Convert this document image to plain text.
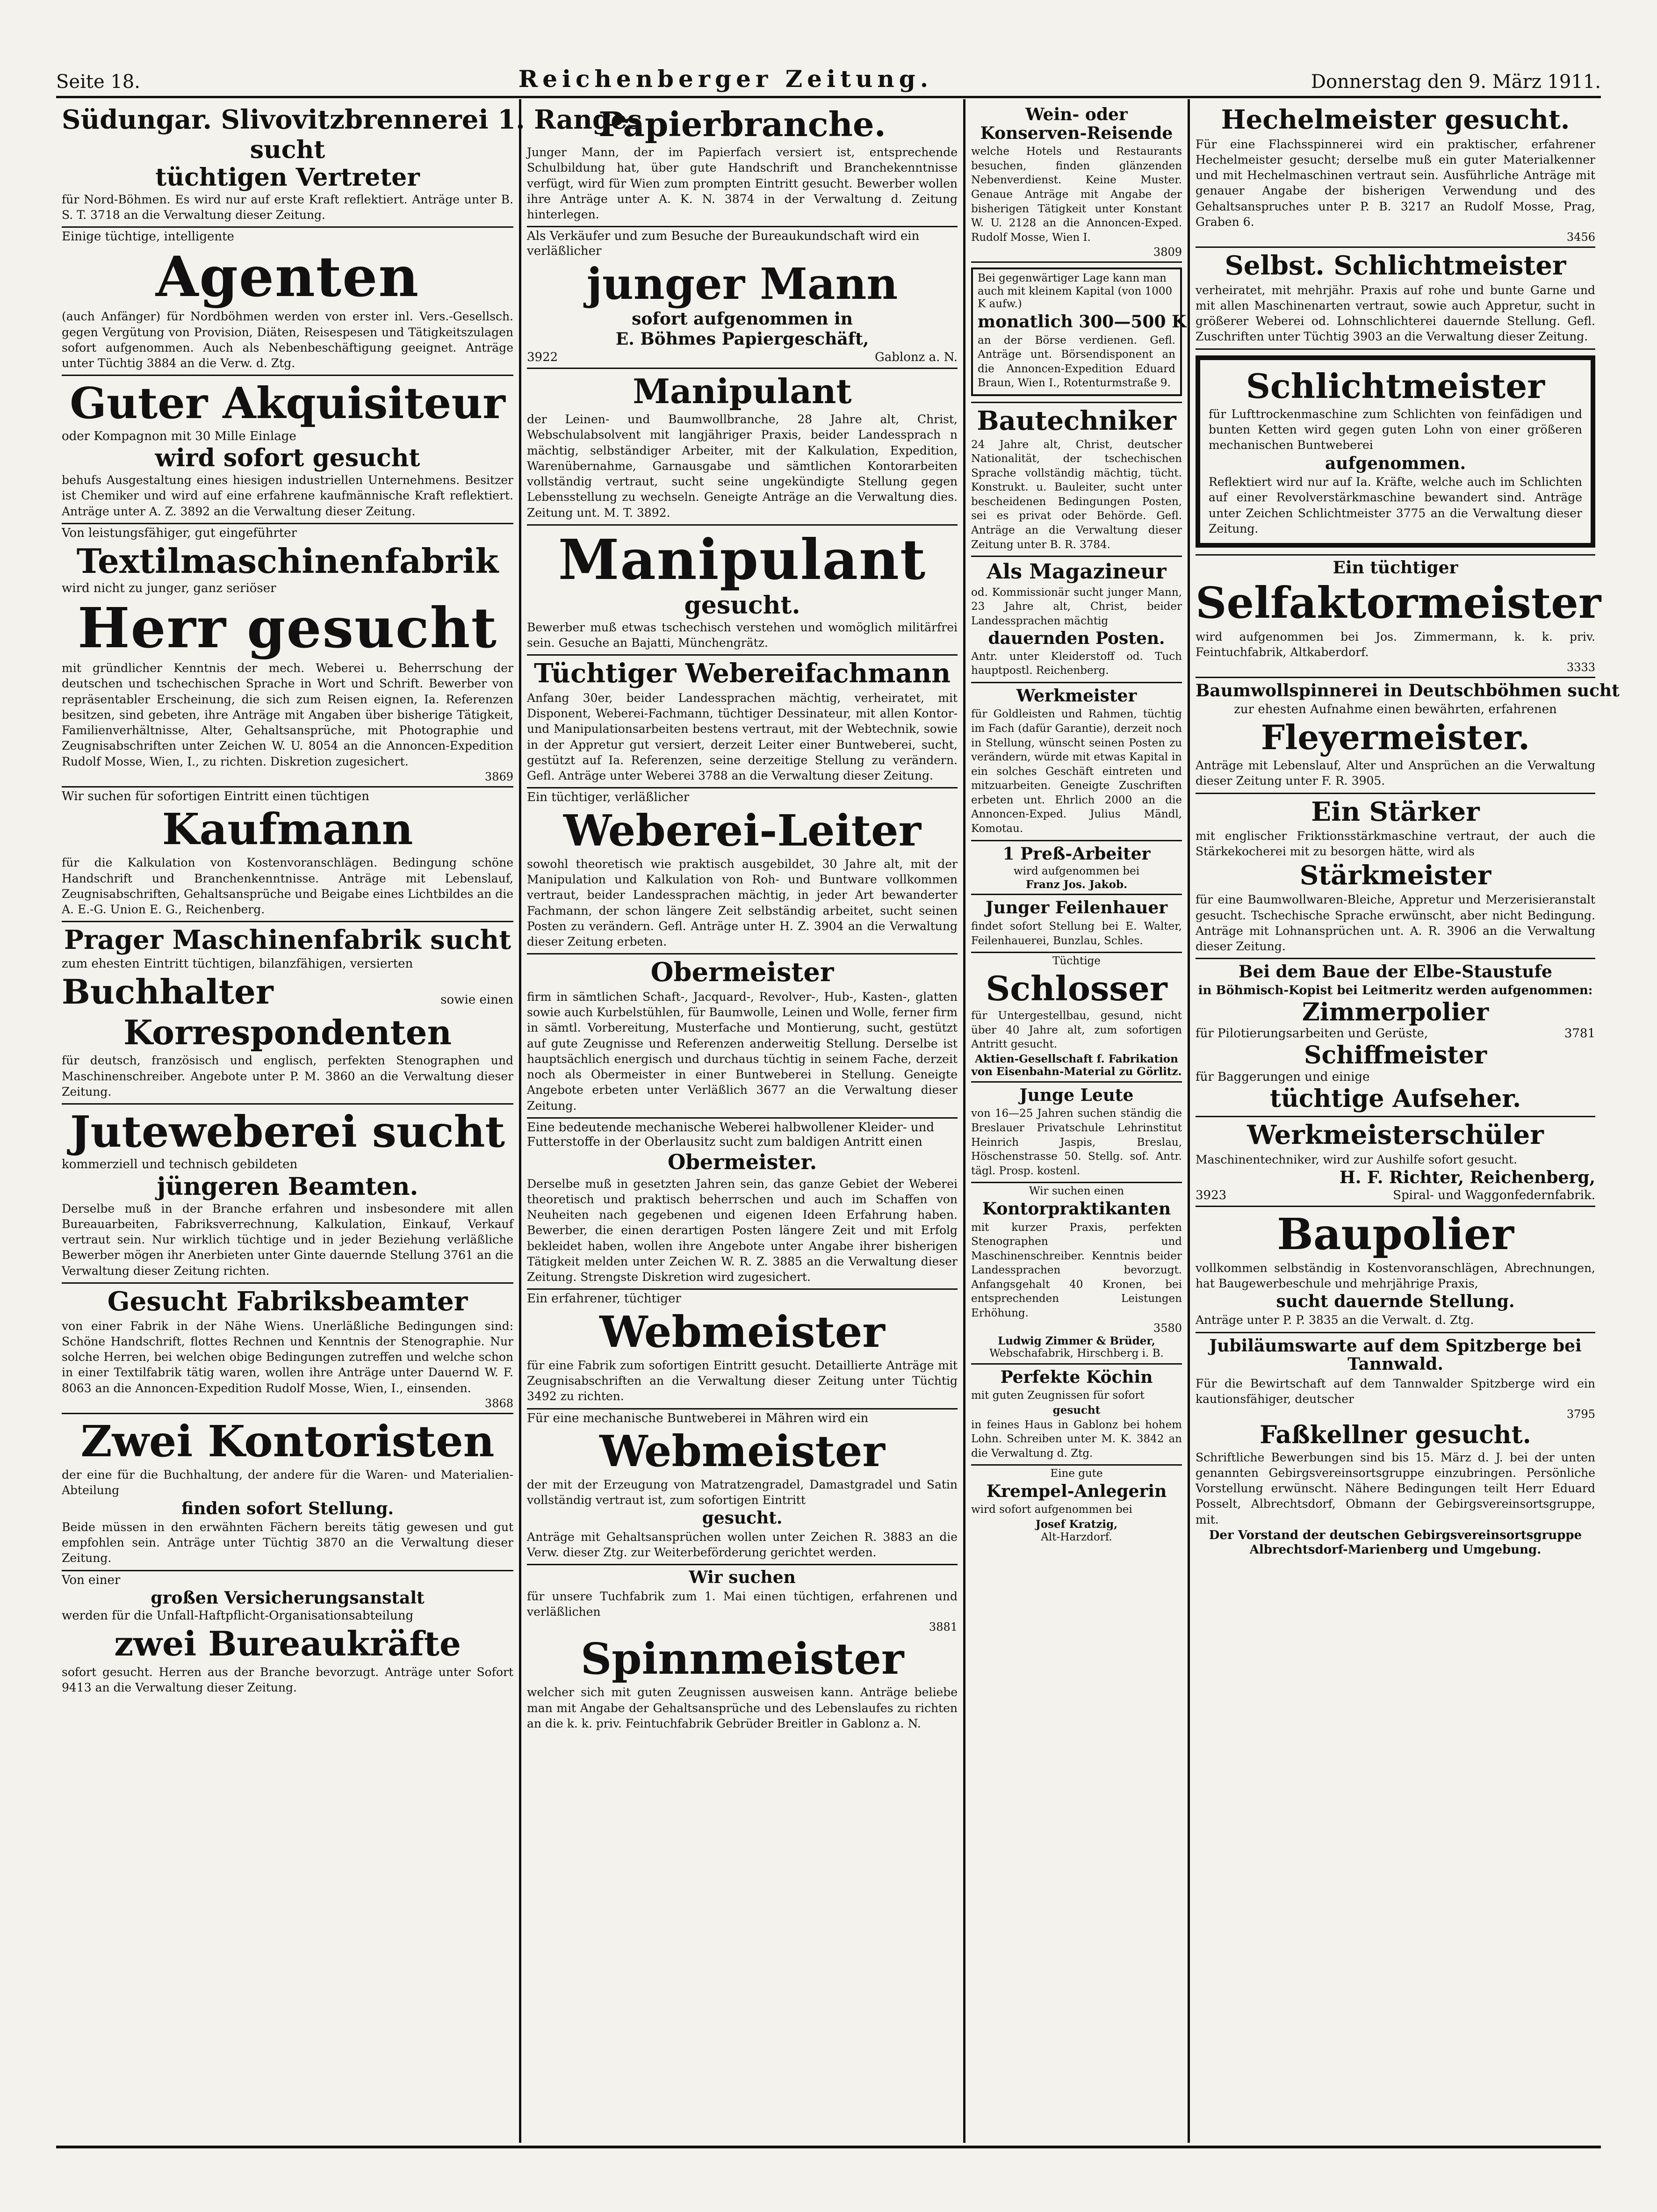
Seite 18.	Reichenberger Zeitung.	Donnerstag den 9. März 1911.
Südungar. Slivovitzbrennerei 1. Ranges
sucht
tüchtigen Vertreter

für Nord-Böhmen. Es wird nur auf erste Kraft reflektiert. Anträge unter B. S. T. 3718 an die Verwaltung dieser Zeitung.

Einige tüchtige, intelligente

Agenten

(auch Anfänger) für Nordböhmen werden von erster inl. Vers.-Gesellsch. gegen Vergütung von Provision, Diäten, Reisespesen und Tätigkeitszulagen sofort aufgenommen. Auch als Nebenbeschäftigung geeignet. Anträge unter Tüchtig 3884 an die Verw. d. Ztg.

Guter Akquisiteur

oder Kompagnon mit 30 Mille Einlage

wird sofort gesucht

behufs Ausgestaltung eines hiesigen industriellen Unternehmens. Besitzer ist Chemiker und wird auf eine erfahrene kaufmännische Kraft reflektiert. Anträge unter A. Z. 3892 an die Verwaltung dieser Zeitung.

Von leistungsfähiger, gut eingeführter

Textilmaschinenfabrik

wird nicht zu junger, ganz seriöser

Herr gesucht

mit gründlicher Kenntnis der mech. Weberei u. Beherrschung der deutschen und tschechischen Sprache in Wort und Schrift. Bewerber von repräsentabler Erscheinung, die sich zum Reisen eignen, Ia. Referenzen besitzen, sind gebeten, ihre Anträge mit Angaben über bisherige Tätigkeit, Familienverhältnisse, Alter, Gehaltsansprüche, mit Photographie und Zeugnisabschriften unter Zeichen W. U. 8054 an die Annoncen-Expedition Rudolf Mosse, Wien, I., zu richten. Diskretion zugesichert.

3869

Wir suchen für sofortigen Eintritt einen tüchtigen

Kaufmann

für die Kalkulation von Kostenvoranschlägen. Bedingung schöne Handschrift und Branchenkenntnisse. Anträge mit Lebenslauf, Zeugnisabschriften, Gehaltsansprüche und Beigabe eines Lichtbildes an die A. E.-G. Union E. G., Reichenberg.

Prager Maschinenfabrik sucht

zum ehesten Eintritt tüchtigen, bilanzfähigen, versierten

Buchhalter	sowie einen
Korrespondenten

für deutsch, französisch und englisch, perfekten Stenographen und Maschinenschreiber. Angebote unter P. M. 3860 an die Verwaltung dieser Zeitung.

Juteweberei sucht

kommerziell und technisch gebildeten

jüngeren Beamten.

Derselbe muß in der Branche erfahren und insbesondere mit allen Bureauarbeiten, Fabriksverrechnung, Kalkulation, Einkauf, Verkauf vertraut sein. Nur wirklich tüchtige und in jeder Beziehung verläßliche Bewerber mögen ihr Anerbieten unter Ginte dauernde Stellung 3761 an die Verwaltung dieser Zeitung richten.

Gesucht Fabriksbeamter

von einer Fabrik in der Nähe Wiens. Unerläßliche Bedingungen sind: Schöne Handschrift, flottes Rechnen und Kenntnis der Stenographie. Nur solche Herren, bei welchen obige Bedingungen zutreffen und welche schon in einer Textilfabrik tätig waren, wollen ihre Anträge unter Dauernd W. F. 8063 an die Annoncen-Expedition Rudolf Mosse, Wien, I., einsenden.

3868

Zwei Kontoristen

der eine für die Buchhaltung, der andere für die Waren- und Materialien-Abteilung

finden sofort Stellung.

Beide müssen in den erwähnten Fächern bereits tätig gewesen und gut empfohlen sein. Anträge unter Tüchtig 3870 an die Verwaltung dieser Zeitung.

Von einer

großen Versicherungsanstalt

werden für die Unfall-Haftpflicht-Organisationsabteilung

zwei Bureaukräfte

sofort gesucht. Herren aus der Branche bevorzugt. Anträge unter Sofort 9413 an die Verwaltung dieser Zeitung.

Papierbranche.

Junger Mann, der im Papierfach versiert ist, entsprechende Schulbildung hat, über gute Handschrift und Branchekenntnisse verfügt, wird für Wien zum prompten Eintritt gesucht. Bewerber wollen ihre Anträge unter A. K. N. 3874 in der Verwaltung d. Zeitung hinterlegen.

Als Verkäufer und zum Besuche der Bureaukundschaft wird ein verläßlicher

junger Mann
sofort aufgenommen in
E. Böhmes Papiergeschäft,
3922	Gablonz a. N.
Manipulant

der Leinen- und Baumwollbranche, 28 Jahre alt, Christ, Webschulabsolvent mit langjähriger Praxis, beider Landessprach n mächtig, selbständiger Arbeiter, mit der Kalkulation, Expedition, Warenübernahme, Garnausgabe und sämtlichen Kontorarbeiten vollständig vertraut, sucht seine ungekündigte Stellung gegen Lebensstellung zu wechseln. Geneigte Anträge an die Verwaltung dies. Zeitung unt. M. T. 3892.

Manipulant
gesucht.

Bewerber muß etwas tschechisch verstehen und womöglich militärfrei sein. Gesuche an Bajatti, Münchengrätz.

Tüchtiger Webereifachmann

Anfang 30er, beider Landessprachen mächtig, verheiratet, mit Disponent, Weberei-Fachmann, tüchtiger Dessinateur, mit allen Kontor- und Manipulationsarbeiten bestens vertraut, mit der Webtechnik, sowie in der Appretur gut versiert, derzeit Leiter einer Buntweberei, sucht, gestützt auf Ia. Referenzen, seine derzeitige Stellung zu verändern. Gefl. Anträge unter Weberei 3788 an die Verwaltung dieser Zeitung.

Ein tüchtiger, verläßlicher

Weberei-Leiter

sowohl theoretisch wie praktisch ausgebildet, 30 Jahre alt, mit der Manipulation und Kalkulation von Roh- und Buntware vollkommen vertraut, beider Landessprachen mächtig, in jeder Art bewanderter Fachmann, der schon längere Zeit selbständig arbeitet, sucht seinen Posten zu verändern. Gefl. Anträge unter H. Z. 3904 an die Verwaltung dieser Zeitung erbeten.

Obermeister

firm in sämtlichen Schaft-, Jacquard-, Revolver-, Hub-, Kasten-, glatten sowie auch Kurbelstühlen, für Baumwolle, Leinen und Wolle, ferner firm in sämtl. Vorbereitung, Musterfache und Montierung, sucht, gestützt auf gute Zeugnisse und Referenzen anderweitig Stellung. Derselbe ist hauptsächlich energisch und durchaus tüchtig in seinem Fache, derzeit noch als Obermeister in einer Buntweberei in Stellung. Geneigte Angebote erbeten unter Verläßlich 3677 an die Verwaltung dieser Zeitung.

Eine bedeutende mechanische Weberei halbwollener Kleider- und Futterstoffe in der Oberlausitz sucht zum baldigen Antritt einen

Obermeister.

Derselbe muß in gesetzten Jahren sein, das ganze Gebiet der Weberei theoretisch und praktisch beherrschen und auch im Schaffen von Neuheiten nach gegebenen und eigenen Ideen Erfahrung haben. Bewerber, die einen derartigen Posten längere Zeit und mit Erfolg bekleidet haben, wollen ihre Angebote unter Angabe ihrer bisherigen Tätigkeit melden unter Zeichen W. R. Z. 3885 an die Verwaltung dieser Zeitung. Strengste Diskretion wird zugesichert.

Ein erfahrener, tüchtiger

Webmeister

für eine Fabrik zum sofortigen Eintritt gesucht. Detaillierte Anträge mit Zeugnisabschriften an die Verwaltung dieser Zeitung unter Tüchtig 3492 zu richten.

Für eine mechanische Buntweberei in Mähren wird ein

Webmeister

der mit der Erzeugung von Matratzengradel, Damastgradel und Satin vollständig vertraut ist, zum sofortigen Eintritt

gesucht.

Anträge mit Gehaltsansprüchen wollen unter Zeichen R. 3883 an die Verw. dieser Ztg. zur Weiterbeförderung gerichtet werden.

Wir suchen

für unsere Tuchfabrik zum 1. Mai einen tüchtigen, erfahrenen und verläßlichen

3881

Spinnmeister

welcher sich mit guten Zeugnissen ausweisen kann. Anträge beliebe man mit Angabe der Gehaltsansprüche und des Lebenslaufes zu richten an die k. k. priv. Feintuchfabrik Gebrüder Breitler in Gablonz a. N.

Wein- oder Konserven-Reisende

welche Hotels und Restaurants besuchen, finden glänzenden Nebenverdienst. Keine Muster. Genaue Anträge mit Angabe der bisherigen Tätigkeit unter Konstant W. U. 2128 an die Annoncen-Exped. Rudolf Mosse, Wien I.

3809

Bei gegenwärtiger Lage kann man auch mit kleinem Kapital (von 1000 K aufw.)

monatlich 300—500 K

an der Börse verdienen. Gefl. Anträge unt. Börsendisponent an die Annoncen-Expedition Eduard Braun, Wien I., Rotenturmstraße 9.

Bautechniker

24 Jahre alt, Christ, deutscher Nationalität, der tschechischen Sprache vollständig mächtig, tücht. Konstrukt. u. Bauleiter, sucht unter bescheidenen Bedingungen Posten, sei es privat oder Behörde. Gefl. Anträge an die Verwaltung dieser Zeitung unter B. R. 3784.

Als Magazineur

od. Kommissionär sucht junger Mann, 23 Jahre alt, Christ, beider Landessprachen mächtig

dauernden Posten.

Antr. unter Kleiderstoff od. Tuch hauptpostl. Reichenberg.

Werkmeister

für Goldleisten und Rahmen, tüchtig im Fach (dafür Garantie), derzeit noch in Stellung, wünscht seinen Posten zu verändern, würde mit etwas Kapital in ein solches Geschäft eintreten und mitzuarbeiten. Geneigte Zuschriften erbeten unt. Ehrlich 2000 an die Annoncen-Exped. Julius Mändl, Komotau.

1 Preß-Arbeiter

wird aufgenommen bei

Franz Jos. Jakob.

Junger Feilenhauer

findet sofort Stellung bei E. Walter, Feilenhauerei, Bunzlau, Schles.

Tüchtige

Schlosser

für Untergestellbau, gesund, nicht über 40 Jahre alt, zum sofortigen Antritt gesucht.

Aktien-Gesellschaft f. Fabrikation von Eisenbahn-Material zu Görlitz.

Junge Leute

von 16—25 Jahren suchen ständig die Breslauer Privatschule Lehrinstitut Heinrich Jaspis, Breslau, Höschenstrasse 50. Stellg. sof. Antr. tägl. Prosp. kostenl.

Wir suchen einen

Kontorpraktikanten

mit kurzer Praxis, perfekten Stenographen und Maschinenschreiber. Kenntnis beider Landessprachen bevorzugt. Anfangsgehalt 40 Kronen, bei entsprechenden Leistungen Erhöhung.

3580

Ludwig Zimmer & Brüder,

Webschafabrik, Hirschberg i. B.

Perfekte Köchin

mit guten Zeugnissen für sofort

gesucht

in feines Haus in Gablonz bei hohem Lohn. Schreiben unter M. K. 3842 an die Verwaltung d. Ztg.

Eine gute

Krempel-Anlegerin

wird sofort aufgenommen bei

Josef Kratzig,

Alt-Harzdorf.

Hechelmeister gesucht.

Für eine Flachsspinnerei wird ein praktischer, erfahrener Hechelmeister gesucht; derselbe muß ein guter Materialkenner und mit Hechelmaschinen vertraut sein. Ausführliche Anträge mit genauer Angabe der bisherigen Verwendung und des Gehaltsanspruches unter P. B. 3217 an Rudolf Mosse, Prag, Graben 6.

3456

Selbst. Schlichtmeister

verheiratet, mit mehrjähr. Praxis auf rohe und bunte Garne und mit allen Maschinenarten vertraut, sowie auch Appretur, sucht in größerer Weberei od. Lohnschlichterei dauernde Stellung. Gefl. Zuschriften unter Tüchtig 3903 an die Verwaltung dieser Zeitung.

Schlichtmeister

für Lufttrockenmaschine zum Schlichten von feinfädigen und bunten Ketten wird gegen guten Lohn von einer größeren mechanischen Buntweberei

aufgenommen.

Reflektiert wird nur auf Ia. Kräfte, welche auch im Schlichten auf einer Revolverstärkmaschine bewandert sind. Anträge unter Zeichen Schlichtmeister 3775 an die Verwaltung dieser Zeitung.

Ein tüchtiger
Selfaktormeister

wird aufgenommen bei Jos. Zimmermann, k. k. priv. Feintuchfabrik, Altkaberdorf.

3333

Baumwollspinnerei in Deutschböhmen sucht

zur ehesten Aufnahme einen bewährten, erfahrenen

Fleyermeister.

Anträge mit Lebenslauf, Alter und Ansprüchen an die Verwaltung dieser Zeitung unter F. R. 3905.

Ein Stärker

mit englischer Friktionsstärkmaschine vertraut, der auch die Stärkekocherei mit zu besorgen hätte, wird als

Stärkmeister

für eine Baumwollwaren-Bleiche, Appretur und Merzerisieranstalt gesucht. Tschechische Sprache erwünscht, aber nicht Bedingung. Anträge mit Lohnansprüchen unt. A. R. 3906 an die Verwaltung dieser Zeitung.

Bei dem Baue der Elbe-Staustufe

in Böhmisch-Kopist bei Leitmeritz werden aufgenommen:

Zimmerpolier
für Pilotierungsarbeiten und Gerüste,	3781
Schiffmeister

für Baggerungen und einige

tüchtige Aufseher.
Werkmeisterschüler

Maschinentechniker, wird zur Aushilfe sofort gesucht.

H. F. Richter, Reichenberg,
3923	Spiral- und Waggonfedernfabrik.
Baupolier

vollkommen selbständig in Kostenvoranschlägen, Abrechnungen, hat Baugewerbeschule und mehrjährige Praxis,

sucht dauernde Stellung.

Anträge unter P. P. 3835 an die Verwalt. d. Ztg.

Jubiläumswarte auf dem Spitzberge bei Tannwald.

Für die Bewirtschaft auf dem Tannwalder Spitzberge wird ein kautionsfähiger, deutscher

3795

Faßkellner gesucht.

Schriftliche Bewerbungen sind bis 15. März d. J. bei der unten genannten Gebirgsvereinsortsgruppe einzubringen. Persönliche Vorstellung erwünscht. Nähere Bedingungen teilt Herr Eduard Posselt, Albrechtsdorf, Obmann der Gebirgsvereinsortsgruppe, mit.

Der Vorstand der deutschen Gebirgsvereinsortsgruppe Albrechtsdorf-Marienberg und Umgebung.
